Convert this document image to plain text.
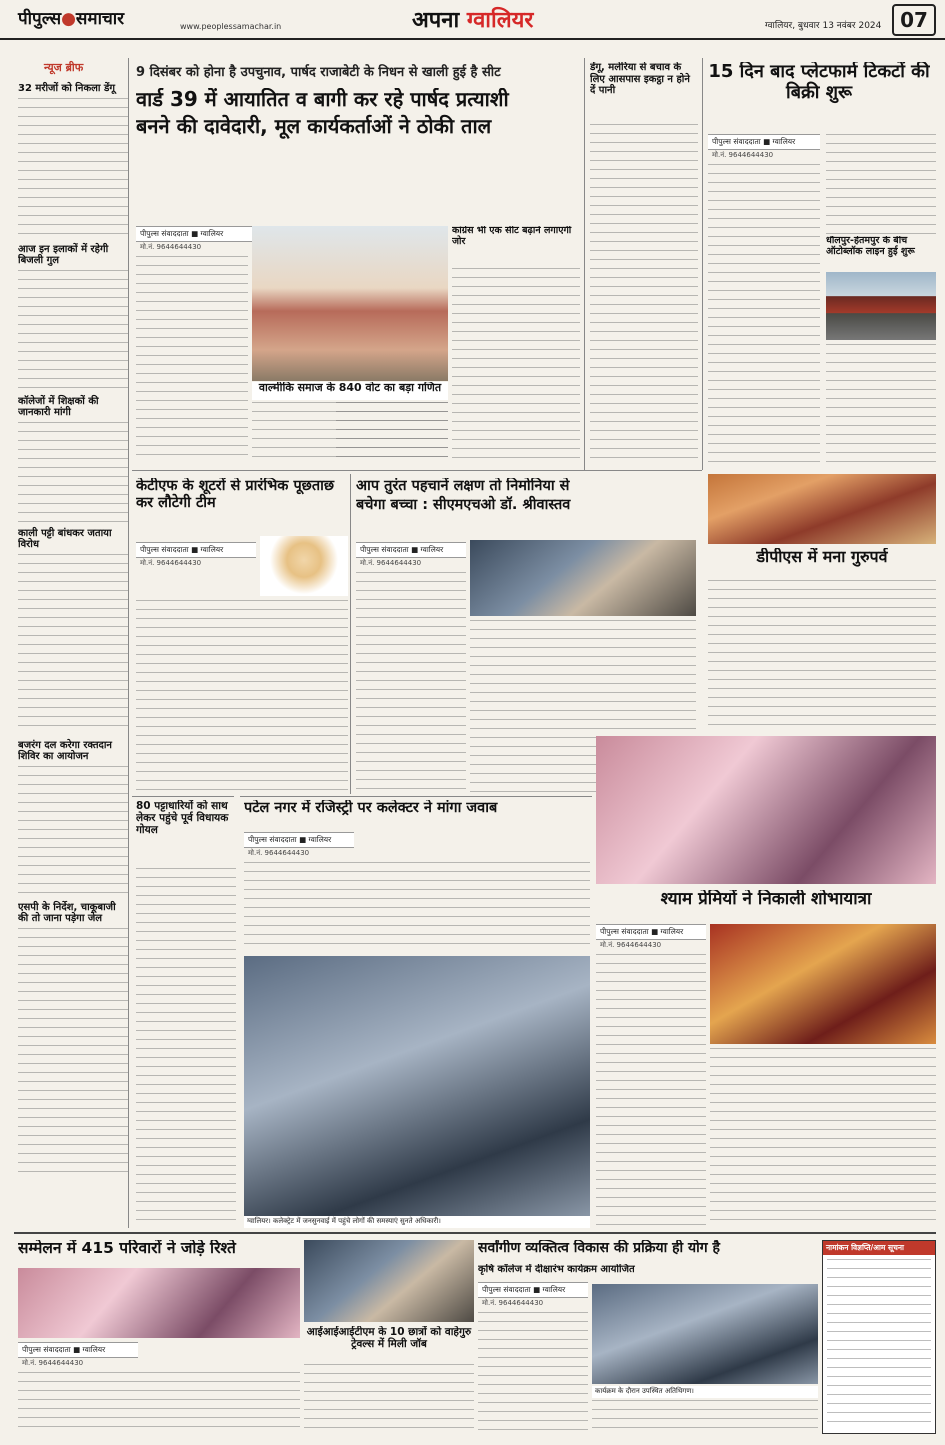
पीपुल्स●समाचार	www.peoplessamachar.in	अपना ग्वालियर	ग्वालियर, बुधवार 13 नवंबर 2024 07
न्यूज ब्रीफ
32 मरीजों को निकला डेंगू
आज इन इलाकों में रहेगी बिजली गुल
कॉलेजों में शिक्षकों की जानकारी मांगी
काली पट्टी बांधकर जताया विरोध
बजरंग दल करेगा रक्तदान शिविर का आयोजन
एसपी के निर्देश, चाकूबाजी की तो जाना पड़ेगा जेल
9 दिसंबर को होना है उपचुनाव, पार्षद राजाबेटी के निधन से खाली हुई है सीट
वार्ड 39 में आयातित व बागी कर रहे पार्षद प्रत्याशी
बनने की दावेदारी, मूल कार्यकर्ताओं ने ठोकी ताल
पीपुल्स संवाददाता ■ ग्वालियर
मो.नं. 9644644430
वाल्मीकि समाज के 840 वोट का बड़ा गणित
कांग्रेस भी एक सीट बढ़ाने लगाएगी जोर
डेंगू, मलेरिया से बचाव के लिए आसपास इकट्ठा न होने दें पानी
15 दिन बाद प्लेटफार्म टिकटों की बिक्री शुरू
पीपुल्स संवाददाता ■ ग्वालियर
मो.नं. 9644644430
धौलपुर-हेतमपुर के बीच ऑटोब्लॉक लाइन हुई शुरू
केटीएफ के शूटरों से प्रारंभिक पूछताछ कर लौटेगी टीम
पीपुल्स संवाददाता ■ ग्वालियर
मो.नं. 9644644430
आप तुरंत पहचानें लक्षण तो निमोनिया से
बचेगा बच्चा : सीएमएचओ डॉ. श्रीवास्तव
पीपुल्स संवाददाता ■ ग्वालियर
मो.नं. 9644644430	डीपीएस में मना गुरुपर्व
80 पट्टाधारियों को साथ लेकर पहुंचे पूर्व विधायक गोयल
पटेल नगर में रजिस्ट्री पर कलेक्टर ने मांगा जवाब
पीपुल्स संवाददाता ■ ग्वालियर
मो.नं. 9644644430
ग्वालियर। कलेक्ट्रेट में जनसुनवाई में पहुंचे लोगों की समस्याएं सुनते अधिकारी।
श्याम प्रेमियों ने निकाली शोभायात्रा
पीपुल्स संवाददाता ■ ग्वालियर
मो.नं. 9644644430
सम्मेलन में 415 परिवारों ने जोड़े रिश्ते
पीपुल्स संवाददाता ■ ग्वालियर
मो.नं. 9644644430
आईआईआईटीएम के 10 छात्रों को वाहेगुरु ट्रेवल्स में मिली जॉब
सर्वांगीण व्यक्तित्व विकास की प्रक्रिया ही योग है
कृषि कॉलेज में दीक्षारंभ कार्यक्रम आयोजित
पीपुल्स संवाददाता ■ ग्वालियर
मो.नं. 9644644430
कार्यक्रम के दौरान उपस्थित अतिथिगण।
नामांकन विज्ञप्ति/आम सूचना
